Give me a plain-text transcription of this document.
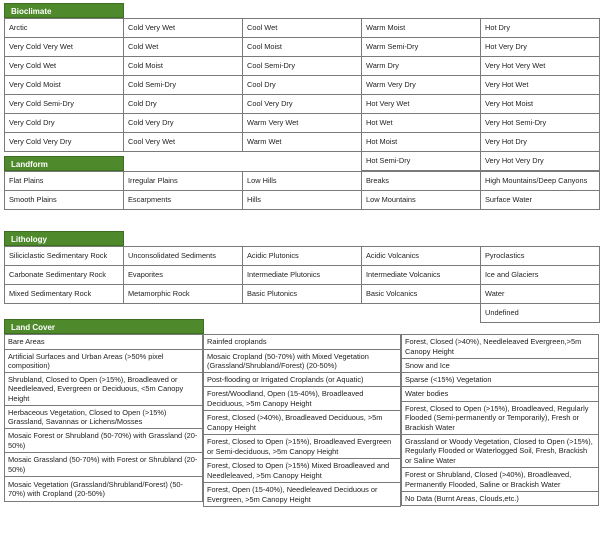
Bioclimate
Arctic	Cold Very Wet	Cool Wet	Warm Moist	Hot Dry
Very Cold Very Wet	Cold Wet	Cool Moist	Warm Semi-Dry	Hot Very Dry
Very Cold Wet	Cold Moist	Cool Semi-Dry	Warm Dry	Very Hot Very Wet
Very Cold Moist	Cold Semi-Dry	Cool Dry	Warm Very Dry	Very Hot Wet
Very Cold Semi-Dry	Cold Dry	Cool Very Dry	Hot Very Wet	Very Hot Moist
Very Cold Dry	Cold Very Dry	Warm Very Wet	Hot Wet	Very Hot Semi-Dry
Very Cold Very Dry	Cool Very Wet	Warm Wet	Hot Moist	Very Hot Dry
			Hot Semi-Dry	Very Hot Very Dry
Landform
Flat Plains	Irregular Plains	Low Hills	Breaks	High Mountains/Deep Canyons
Smooth Plains	Escarpments	Hills	Low Mountains	Surface Water
Lithology
Siliciclastic Sedimentary Rock	Unconsolidated Sediments	Acidic Plutonics	Acidic Volcanics	Pyroclastics
Carbonate Sedimentary Rock	Evaporites	Intermediate Plutonics	Intermediate Volcanics	Ice and Glaciers
Mixed Sedimentary Rock	Metamorphic Rock	Basic Plutonics	Basic Volcanics	Water
				Undefined
Land Cover
Bare Areas
Artificial Surfaces and Urban Areas (>50% pixel composition)
Shrubland, Closed to Open (>15%), Broadleaved or Needleleaved, Evergreen or Deciduous, <5m Canopy Height
Herbaceous Vegetation, Closed to Open (>15%) Grassland, Savannas or Lichens/Mosses
Mosaic Forest or Shrubland (50-70%) with Grassland (20-50%)
Mosaic Grassland (50-70%) with Forest or Shrubland (20-50%)
Mosaic Vegetation (Grassland/Shrubland/Forest) (50-70%) with Cropland (20-50%)
Rainfed croplands
Mosaic Cropland (50-70%) with Mixed Vegetation (Grassland/Shrubland/Forest) (20-50%)
Post-flooding or Irrigated Croplands (or Aquatic)
Forest/Woodland, Open (15-40%), Broadleaved Deciduous, >5m Canopy Height
Forest, Closed (>40%), Broadleaved Deciduous, >5m Canopy Height
Forest, Closed to Open (>15%), Broadleaved Evergreen or Semi-deciduous, >5m Canopy Height
Forest, Closed to Open (>15%) Mixed Broadleaved and Needleleaved, >5m Canopy Height
Forest, Open (15-40%), Needleleaved Deciduous or Evergreen, >5m Canopy Height
Forest, Closed (>40%), Needleleaved Evergreen,>5m Canopy Height
Snow and Ice
Sparse (<15%) Vegetation
Water bodies
Forest, Closed to Open (>15%), Broadleaved, Regularly Flooded (Semi-permanently or Temporarily), Fresh or Brackish Water
Grassland or Woody Vegetation, Closed to Open (>15%), Regularly Flooded or Waterlogged Soil, Fresh, Brackish or Saline Water
Forest or Shrubland, Closed (>40%), Broadleaved, Permanently Flooded, Saline or Brackish Water
No Data (Burnt Areas, Clouds,etc.)
